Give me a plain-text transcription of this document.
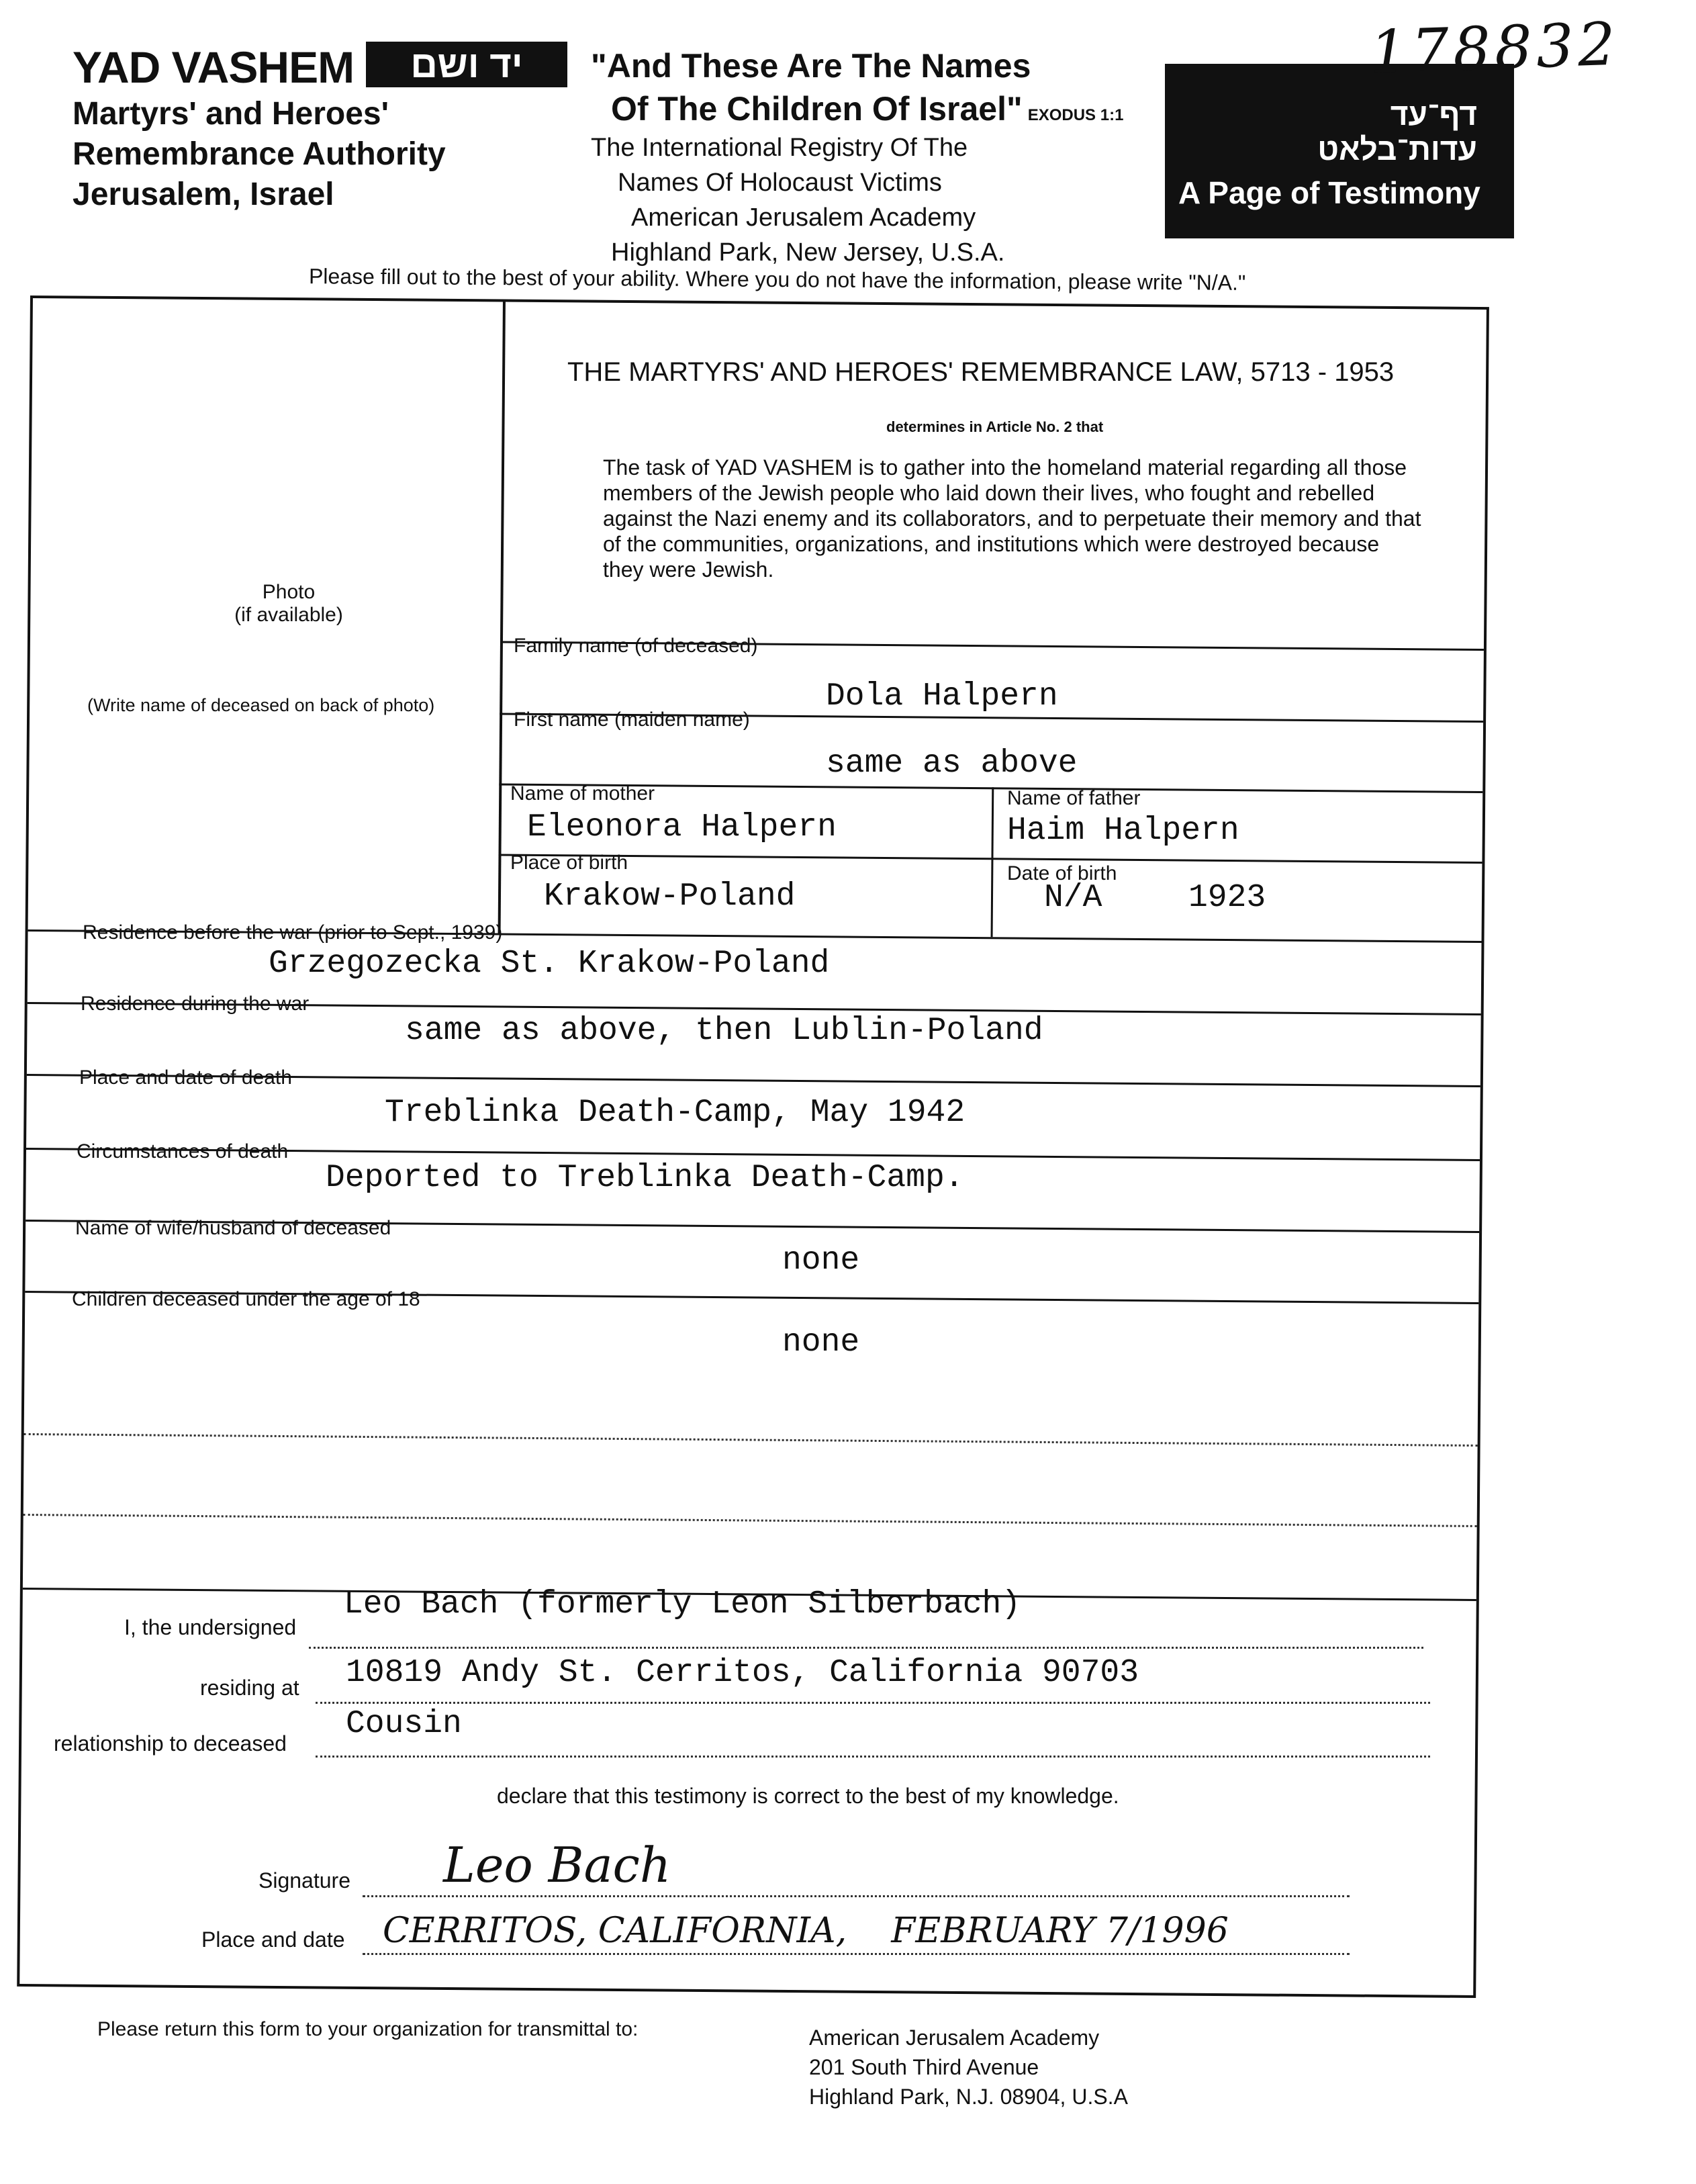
YAD VASHEM	יד ושם
Martyrs' and Heroes'
Remembrance Authority
Jerusalem, Israel
"And These Are The Names
Of The Children Of Israel" EXODUS 1:1
The International Registry Of The
Names Of Holocaust Victims
American Jerusalem Academy
Highland Park, New Jersey, U.S.A.
דף־עד
עדות־בלאט
A Page of Testimony
178832
Please fill out to the best of your ability. Where you do not have the information, please write "N/A."
THE MARTYRS' AND HEROES' REMEMBRANCE LAW, 5713 - 1953
determines in Article No. 2 that
The task of YAD VASHEM is to gather into the homeland material regarding all those members of the Jewish people who laid down their lives, who fought and rebelled against the Nazi enemy and its collaborators, and to perpetuate their memory and that of the communities, organizations, and institutions which were destroyed because they were Jewish.
Photo
(if available)
(Write name of deceased on back of photo)
Family name (of deceased)
Dola Halpern
First name (maiden name)
same as above
Name of mother
Eleonora Halpern
Name of father
Haim Halpern
Place of birth
Krakow-Poland
Date of birth
N/A	1923
Residence before the war (prior to Sept., 1939)
Grzegozecka St. Krakow-Poland
Residence during the war
same as above, then Lublin-Poland
Place and date of death
Treblinka Death-Camp, May 1942
Circumstances of death
Deported to Treblinka Death-Camp.
Name of wife/husband of deceased
none
Children deceased under the age of 18
none
I, the undersigned
Leo Bach (formerly Leon Silberbach)
residing at 10819 Andy St. Cerritos, California 90703
relationship to deceased
Cousin
declare that this testimony is correct to the best of my knowledge.
Signature Leo Bach
Place and date CERRITOS, CALIFORNIA,    FEBRUARY 7/1996
Please return this form to your organization for transmittal to:	American Jerusalem Academy
201 South Third Avenue
Highland Park, N.J. 08904, U.S.A
